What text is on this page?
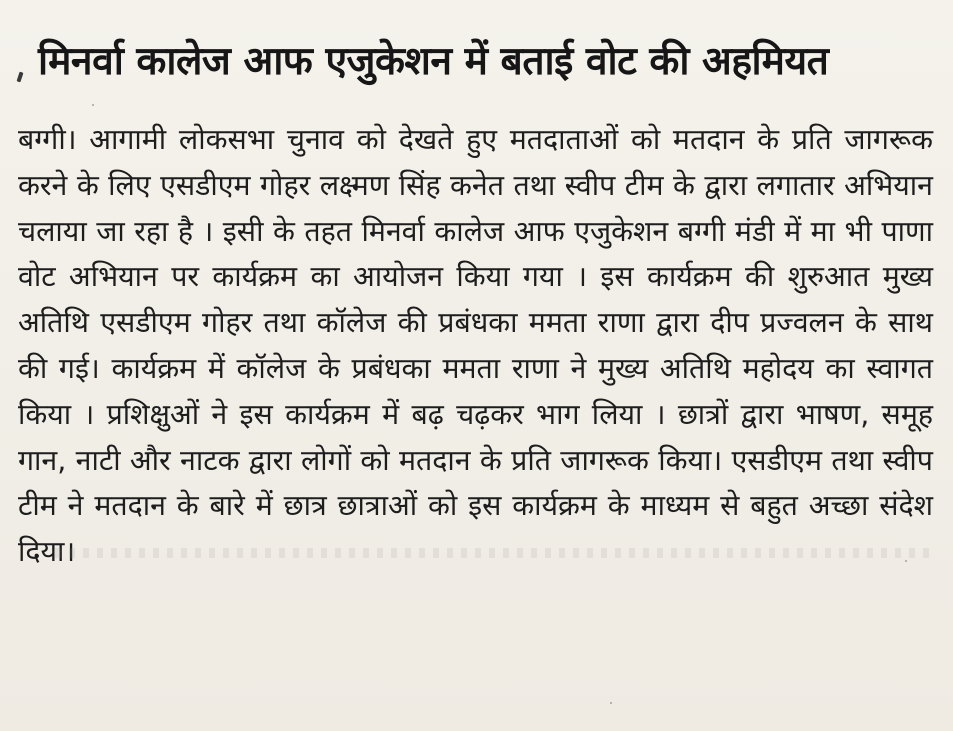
मिनर्वा कालेज आफ एजुकेशन में बताई वोट की अहमियत

बग्गी। आगामी लोकसभा चुनाव को देखते हुए मतदाताओं को मतदान के प्रति जागरूक करने के लिए एसडीएम गोहर लक्ष्मण सिंह कनेत तथा स्वीप टीम के द्वारा लगातार अभियान चलाया जा रहा है । इसी के तहत मिनर्वा कालेज आफ एजुकेशन बग्गी मंडी में मा भी पाणा वोट अभियान पर कार्यक्रम का आयोजन किया गया । इस कार्यक्रम की शुरुआत मुख्य अतिथि एसडीएम गोहर तथा कॉलेज की प्रबंधका ममता राणा द्वारा दीप प्रज्वलन के साथ की गई। कार्यक्रम में कॉलेज के प्रबंधका ममता राणा ने मुख्य अतिथि महोदय का स्वागत किया । प्रशिक्षुओं ने इस कार्यक्रम में बढ़ चढ़कर भाग लिया । छात्रों द्वारा भाषण, समूह गान, नाटी और नाटक द्वारा लोगों को मतदान के प्रति जागरूक किया। एसडीएम तथा स्वीप टीम ने मतदान के बारे में छात्र छात्राओं को इस कार्यक्रम के माध्यम से बहुत अच्छा संदेश दिया।
